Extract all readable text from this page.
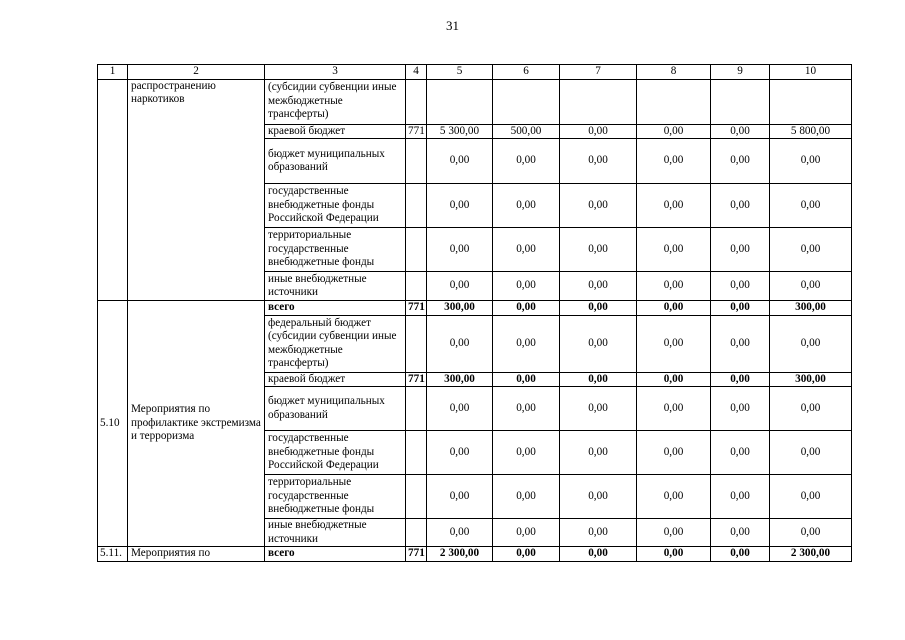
31
1	2	3	4	5	6	7	8	9	10
	распространению наркотиков	(субсидии субвенции иные межбюджетные трансферты)							
		краевой бюджет	771	5 300,00	500,00	0,00	0,00	0,00	5 800,00
		бюджет муниципальных образований		0,00	0,00	0,00	0,00	0,00	0,00
		государственные внебюджетные фонды Российской Федерации		0,00	0,00	0,00	0,00	0,00	0,00
		территориальные государственные внебюджетные фонды		0,00	0,00	0,00	0,00	0,00	0,00
		иные внебюджетные источники		0,00	0,00	0,00	0,00	0,00	0,00
5.10	Мероприятия по профилактике экстремизма и терроризма	всего	771	300,00	0,00	0,00	0,00	0,00	300,00
		федеральный бюджет (субсидии субвенции иные межбюджетные трансферты)		0,00	0,00	0,00	0,00	0,00	0,00
		краевой бюджет	771	300,00	0,00	0,00	0,00	0,00	300,00
		бюджет муниципальных образований		0,00	0,00	0,00	0,00	0,00	0,00
		государственные внебюджетные фонды Российской Федерации		0,00	0,00	0,00	0,00	0,00	0,00
		территориальные государственные внебюджетные фонды		0,00	0,00	0,00	0,00	0,00	0,00
		иные внебюджетные источники		0,00	0,00	0,00	0,00	0,00	0,00
5.11.	Мероприятия по	всего	771	2 300,00	0,00	0,00	0,00	0,00	2 300,00
